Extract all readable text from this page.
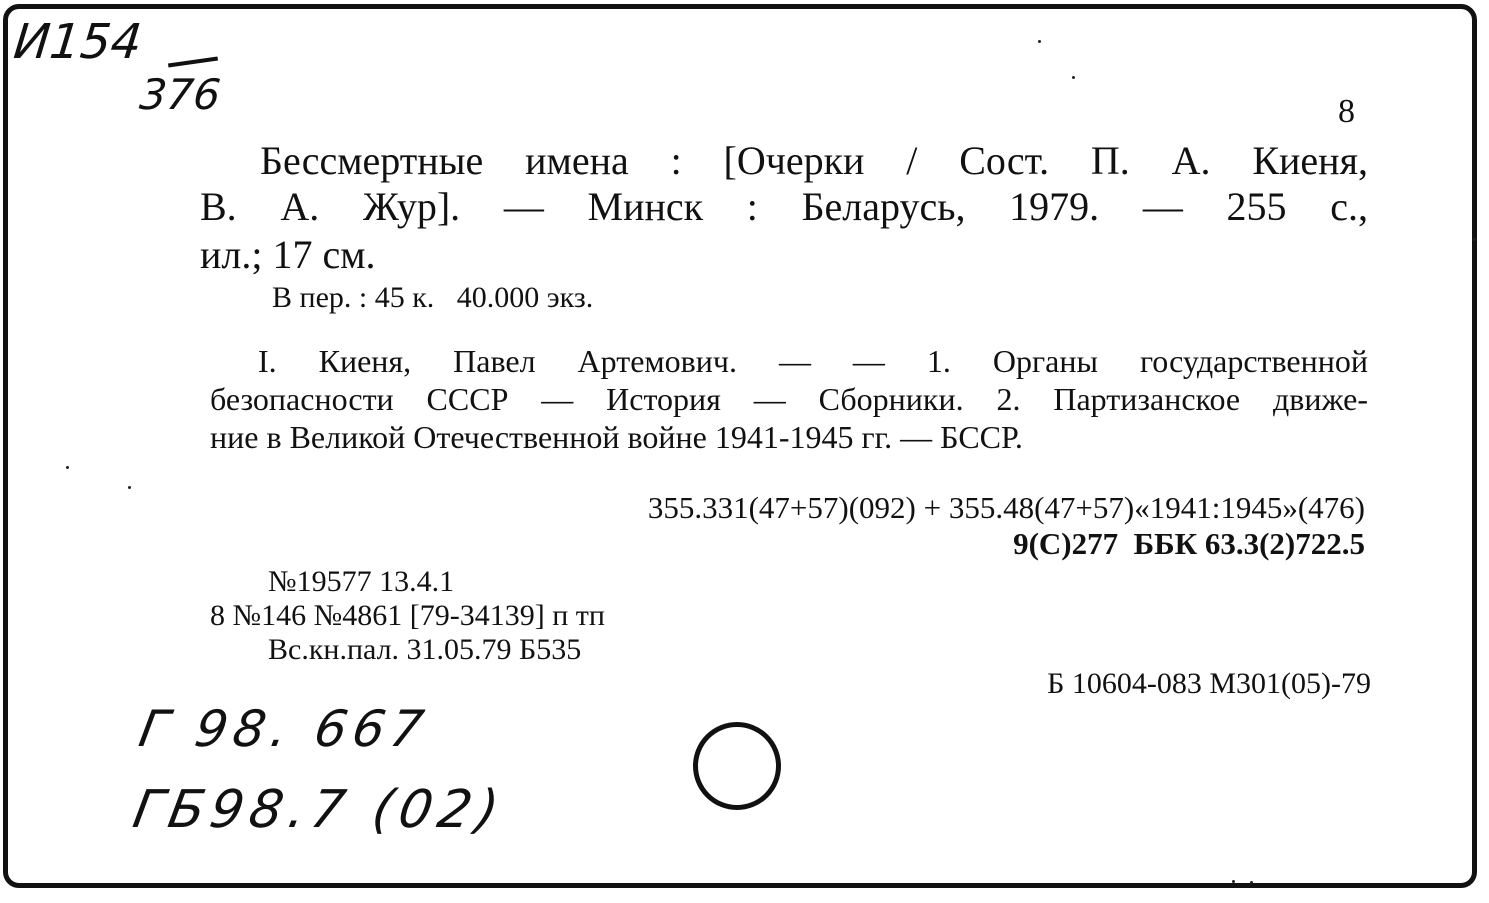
И154
376	8
Бессмертные имена : [Очерки / Сост. П. А. Киеня,
В. А. Жур]. — Минск : Беларусь, 1979. — 255 с.,
ил.; 17 см.
В пер. : 45 к.   40.000 экз.
I. Киеня, Павел Артемович. — — 1. Органы государственной
безопасности СССР — История — Сборники. 2. Партизанское движе-
ние в Великой Отечественной войне 1941-1945 гг. — БССР.
355.331(47+57)(092) + 355.48(47+57)«1941:1945»(476)
9(С)277  ББК 63.3(2)722.5
№19577 13.4.1
8 №146 №4861 [79-34139] п тп
Вс.кн.пал. 31.05.79 Б535
Б 10604-083 М301(05)-79
Г 98. 667
ГБ98.7 (02)
